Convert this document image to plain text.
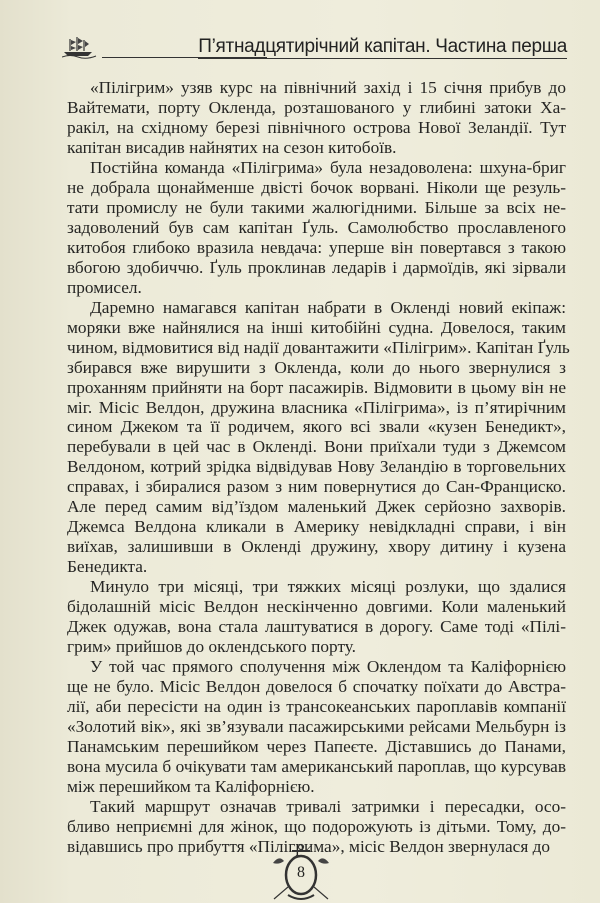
П’ятнадцятирічний капітан. Частина перша
«Пілігрим» узяв курс на північний захід і 15 січня прибув до
Вайтемати, порту Окленда, розташованого у глибині затоки Ха-
ракіл, на східному березі північного острова Нової Зеландії. Тут
капітан висадив найнятих на сезон китобоїв.
Постійна команда «Пілігрима» була незадоволена: шхуна-бриг
не добрала щонайменше двісті бочок ворвані. Ніколи ще резуль-
тати промислу не були такими жалюгідними. Більше за всіх не-
задоволений був сам капітан Ґуль. Самолюбство прославленого
китобоя глибоко вразила невдача: уперше він повертався з такою
вбогою здобиччю. Ґуль проклинав ледарів і дармоїдів, які зірвали
промисел.
Даремно намагався капітан набрати в Окленді новий екіпаж:
моряки вже найнялися на інші китобійні судна. Довелося, таким
чином, відмовитися від надії довантажити «Пілігрим». Капітан Ґуль
збирався вже вирушити з Окленда, коли до нього звернулися з
проханням прийняти на борт пасажирів. Відмовити в цьому він не
міг. Місіс Велдон, дружина власника «Пілігрима», із п’ятирічним
сином Джеком та її родичем, якого всі звали «кузен Бенедикт»,
перебували в цей час в Окленді. Вони приїхали туди з Джемсом
Велдоном, котрий зрідка відвідував Нову Зеландію в торговельних
справах, і збиралися разом з ним повернутися до Сан-Франциско.
Але перед самим від’їздом маленький Джек серйозно захворів.
Джемса Велдона кликали в Америку невідкладні справи, і він
виїхав, залишивши в Окленді дружину, хвору дитину і кузена
Бенедикта.
Минуло три місяці, три тяжких місяці розлуки, що здалися
бідолашній місіс Велдон нескінченно довгими. Коли маленький
Джек одужав, вона стала лаштуватися в дорогу. Саме тоді «Пілі-
грим» прийшов до оклендського порту.
У той час прямого сполучення між Оклендом та Каліфорнією
ще не було. Місіс Велдон довелося б спочатку поїхати до Австра-
лії, аби пересісти на один із трансокеанських пароплавів компанії
«Золотий вік», які зв’язували пасажирськими рейсами Мельбурн із
Панамським перешийком через Папеєте. Діставшись до Панами,
вона мусила б очікувати там американський пароплав, що курсував
між перешийком та Каліфорнією.
Такий маршрут означав тривалі затримки і пересадки, осо-
бливо неприємні для жінок, що подорожують із дітьми. Тому, до-
відавшись про прибуття «Пілігрима», місіс Велдон звернулася до
8
